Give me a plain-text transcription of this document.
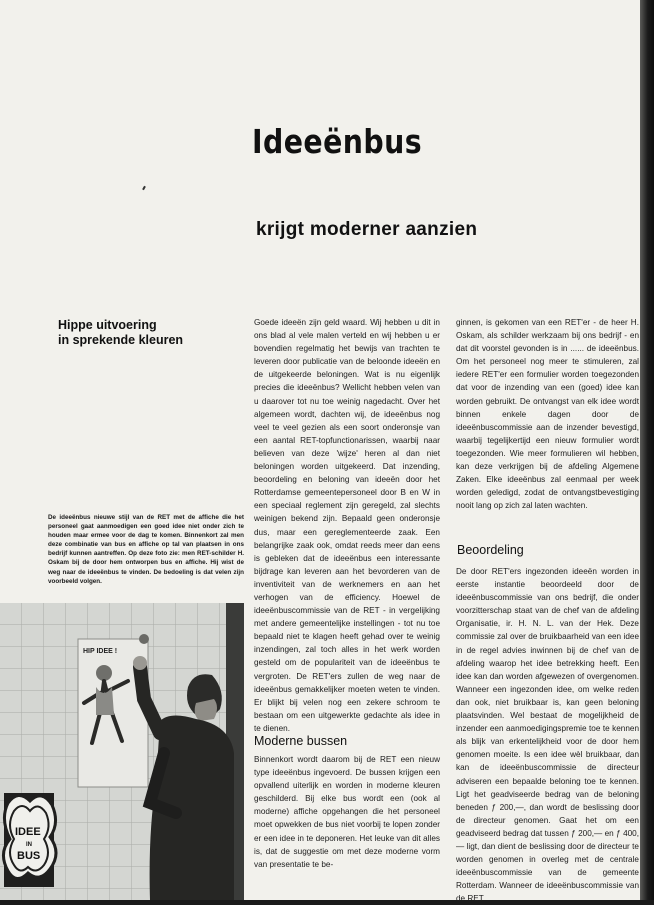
Ideeënbus
krijgt moderner aanzien
Hippe uitvoering
in sprekende kleuren

De ideeënbus nieuwe stijl van de RET met de affiche die het personeel gaat aanmoedigen een goed idee niet onder zich te houden maar ermee voor de dag te komen. Binnenkort zal men deze combinatie van bus en affiche op tal van plaatsen in ons bedrijf kunnen aantreffen. Op deze foto zie: men RET-schilder H. Oskam bij de door hem ontworpen bus en affiche. Hij wist de weg naar de ideeënbus te vinden. De bedoeling is dat velen zijn voorbeeld volgen.

HIP IDEE !
IDEE
IN
BUS

Goede ideeën zijn geld waard. Wij hebben u dit in ons blad al vele malen verteld en wij hebben u er bovendien regelmatig het bewijs van trachten te leveren door publicatie van de beloonde ideeën en de uitgekeerde beloningen. Wat is nu eigenlijk precies die ideeënbus? Wellicht hebben velen van u daarover tot nu toe weinig nagedacht. Over het algemeen wordt, dachten wij, de ideeënbus nog veel te veel gezien als een soort onderonsje van een aantal RET-topfunctionarissen, waarbij naar believen van deze 'wijze' heren al dan niet beloningen worden uitgekeerd. Dat inzending, beoordeling en beloning van ideeën door het Rotterdamse gemeentepersoneel door B en W in een speciaal reglement zijn geregeld, zal slechts weinigen bekend zijn. Bepaald geen onderonsje dus, maar een gereglementeerde zaak. Een belangrijke zaak ook, omdat reeds meer dan eens is gebleken dat de ideeënbus een interessante bijdrage kan leveren aan het bevorderen van de inventiviteit van de werknemers en aan het verhogen van de efficiency. Hoewel de ideeënbuscommissie van de RET - in vergelijking met andere gemeentelijke instellingen - tot nu toe bepaald niet te klagen heeft gehad over te weinig inzendingen, zal toch alles in het werk worden gesteld om de populariteit van de ideeënbus te vergroten. De RET'ers zullen de weg naar de ideeënbus gemakkelijker moeten weten te vinden. Er blijkt bij velen nog een zekere schroom te bestaan om een uitgewerkte gedachte als idee in te dienen.

Moderne bussen

Binnenkort wordt daarom bij de RET een nieuw type ideeënbus ingevoerd. De bussen krijgen een opvallend uiterlijk en worden in moderne kleuren geschilderd. Bij elke bus wordt een (ook al moderne) affiche opgehangen die het personeel moet opwekken de bus niet voorbij te lopen zonder er een idee in te deponeren. Het leuke van dit alles is, dat de suggestie om met deze moderne vorm van presentatie te be-

ginnen, is gekomen van een RET'er - de heer H. Oskam, als schilder werkzaam bij ons bedrijf - en dat dit voorstel gevonden is in ...... de ideeënbus. Om het personeel nog meer te stimuleren, zal iedere RET'er een formulier worden toegezonden dat voor de inzending van een (goed) idee kan worden gebruikt. De ontvangst van elk idee wordt binnen enkele dagen door de ideeënbuscommissie aan de inzender bevestigd, waarbij tegelijkertijd een nieuw formulier wordt toegezonden. Wie meer formulieren wil hebben, kan deze verkrijgen bij de afdeling Algemene Zaken. Elke ideeënbus zal eenmaal per week worden geledigd, zodat de ontvangstbevestiging nooit lang op zich zal laten wachten.

Beoordeling

De door RET'ers ingezonden ideeën worden in eerste instantie beoordeeld door de ideeënbuscommissie van ons bedrijf, die onder voorzitterschap staat van de chef van de afdeling Organisatie, ir. H. N. L. van der Hek. Deze commissie zal over de bruikbaarheid van een idee in de regel advies inwinnen bij de chef van de afdeling waarop het idee betrekking heeft. Een idee kan dan worden afgewezen of overgenomen. Wanneer een ingezonden idee, om welke reden dan ook, niet bruikbaar is, kan geen beloning plaatsvinden. Wel bestaat de mogelijkheid de inzender een aanmoedigingspremie toe te kennen als blijk van erkentelijkheid voor de door hem genomen moeite. Is een idee wèl bruikbaar, dan kan de ideeënbuscommissie de directeur adviseren een bepaalde beloning toe te kennen. Ligt het geadviseerde bedrag van de beloning beneden ƒ 200,—, dan wordt de beslissing door de directeur genomen. Gaat het om een geadviseerd bedrag dat tussen ƒ 200,— en ƒ 400,— ligt, dan dient de beslissing door de directeur te worden genomen in overleg met de centrale ideeënbuscommissie van de gemeente Rotterdam. Wanneer de ideeënbuscommissie van de RET
